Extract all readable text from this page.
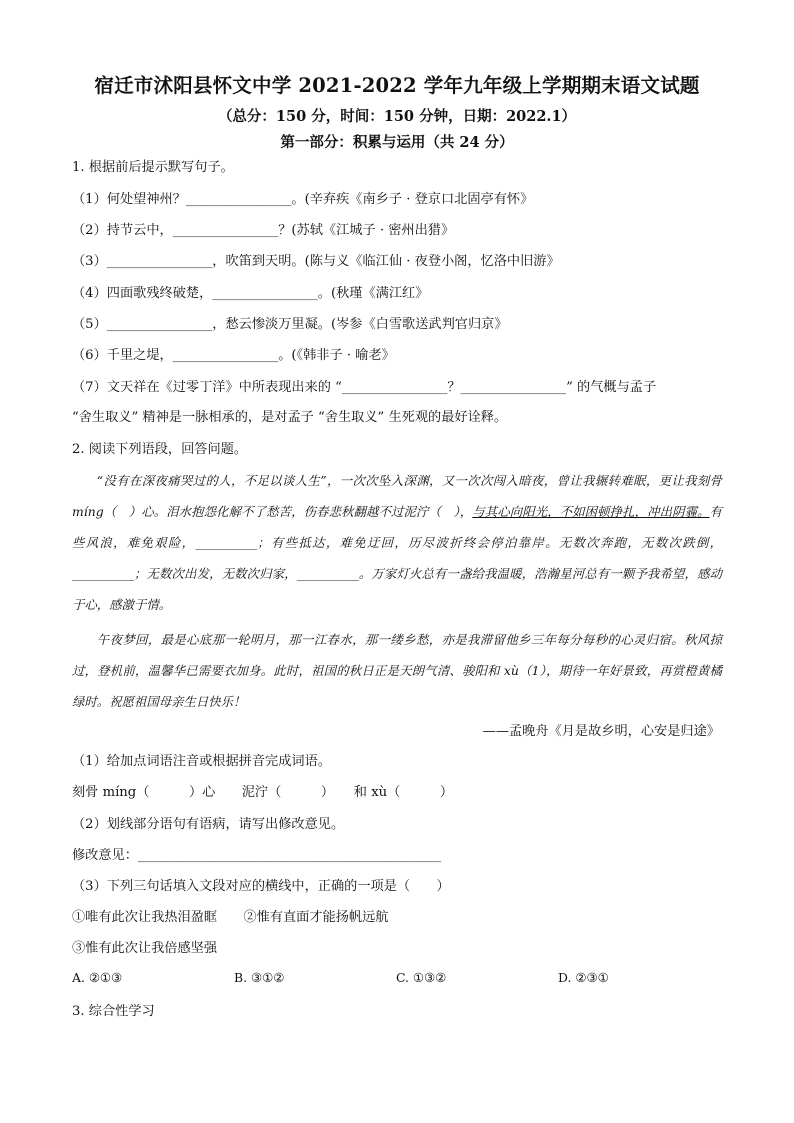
宿迁市沭阳县怀文中学 2021-2022 学年九年级上学期期末语文试题
（总分：150 分，时间：150 分钟，日期：2022.1）
第一部分：积累与运用（共 24 分）
1. 根据前后提示默写句子。
（1）何处望神州？________________。(辛弃疾《南乡子 · 登京口北固亭有怀》
（2）持节云中，________________？(苏轼《江城子 · 密州出猎》
（3）________________，吹笛到天明。(陈与义《临江仙 · 夜登小阁，忆洛中旧游》
（4）四面歌残终破楚，________________。(秋瑾《满江红》
（5）________________，愁云惨淡万里凝。(岑参《白雪歌送武判官归京》
（6）千里之堤，________________。(《韩非子 · 喻老》
（7）文天祥在《过零丁洋》中所表现出来的 “________________？________________” 的气概与孟子
“舍生取义” 精神是一脉相承的，是对孟子 “舍生取义” 生死观的最好诠释。
2. 阅读下列语段，回答问题。
“没有在深夜痛哭过的人，不足以谈人生”，一次次坠入深渊，又一次次闯入暗夜，曾让我辗转难眠，更让我刻骨 míng（　）心。泪水抱怨化解不了愁苦，伤春悲秋翻越不过泥泞（　），与其心向阳光，不如困顿挣扎，冲出阴霾。有些风浪，难免艰险，__________；有些抵达，难免迂回，历尽波折终会停泊靠岸。无数次奔跑，无数次跌倒，__________；无数次出发，无数次归家，__________。万家灯火总有一盏给我温暖，浩瀚星河总有一颗予我希望，感动于心，感激于情。
午夜梦回，最是心底那一轮明月，那一江春水，那一缕乡愁，亦是我滞留他乡三年每分每秒的心灵归宿。秋风掠过，登机前，温馨华已需要衣加身。此时，祖国的秋日正是天朗气清、骏阳和 xù（1），期待一年好景致，再赏橙黄橘绿时。祝愿祖国母亲生日快乐！
——孟晚舟《月是故乡明，心安是归途》
（1）给加点词语注音或根据拼音完成词语。
刻骨 míng（　　　）心　　泥泞（　　　）　　和 xù（　　　）
（2）划线部分语句有语病，请写出修改意见。
修改意见：______________________________________________
（3）下列三句话填入文段对应的横线中，正确的一项是（　　）
①唯有此次让我热泪盈眶　　②惟有直面才能扬帆远航
③惟有此次让我倍感坚强
A. ②①③	B. ③①②	C. ①③②	D. ②③①
3. 综合性学习
